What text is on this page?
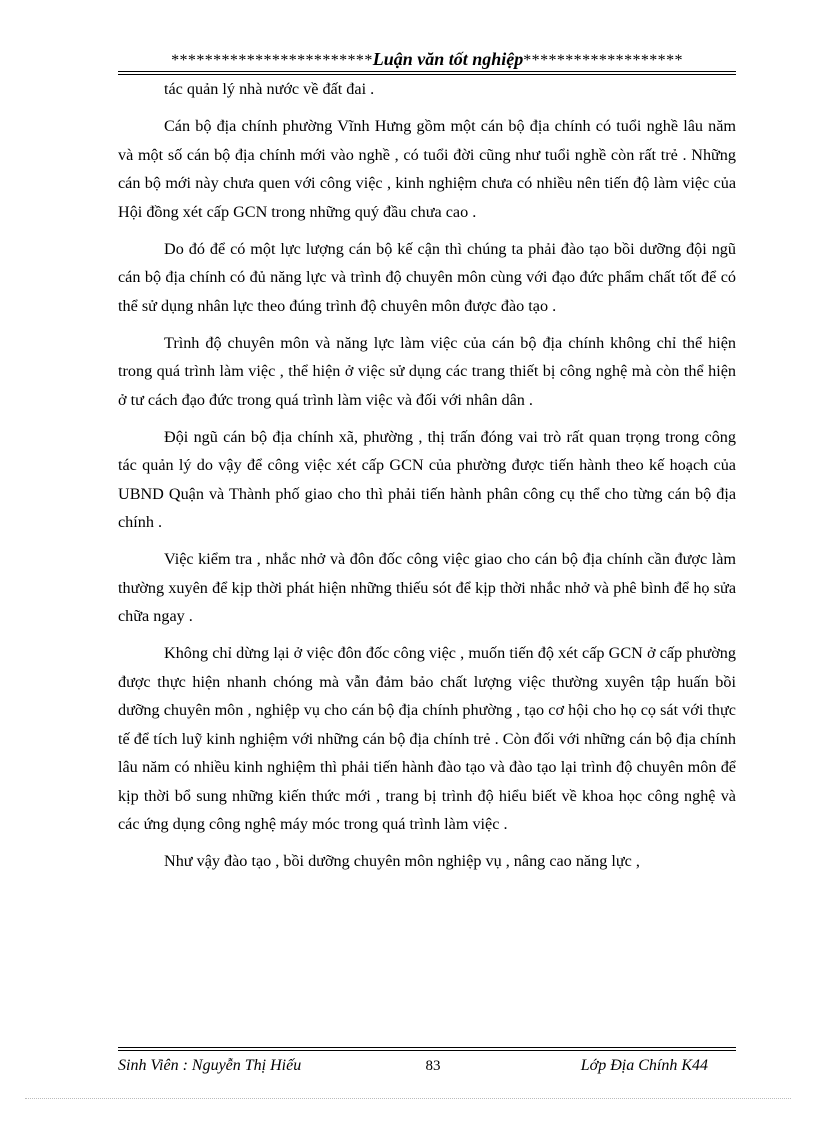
************************Luận văn tốt nghiệp*******************

tác quản lý nhà nước về đất đai .

Cán bộ địa chính phường Vĩnh Hưng gồm một cán bộ địa chính có tuổi nghề lâu năm và một số cán bộ địa chính mới vào nghề , có tuổi đời cũng như tuổi nghề còn rất trẻ . Những cán bộ mới này chưa quen với công việc , kinh nghiệm chưa có nhiều nên tiến độ làm việc của Hội đồng xét cấp GCN trong những quý đầu chưa cao .

Do đó để có một lực lượng cán bộ kế cận thì chúng ta phải đào tạo bồi dưỡng đội ngũ cán bộ địa chính có đủ năng lực và trình độ chuyên môn cùng với đạo đức phẩm chất tốt để có thể sử dụng nhân lực theo đúng trình độ chuyên môn được đào tạo .

Trình độ chuyên môn và năng lực làm việc của cán bộ địa chính không chỉ thể hiện trong quá trình làm việc , thể hiện ở việc sử dụng các trang thiết bị công nghệ mà còn thể hiện ở tư cách đạo đức trong quá trình làm việc và đối với nhân dân .

Đội ngũ cán bộ địa chính xã, phường , thị trấn đóng vai trò rất quan trọng trong công tác quản lý do vậy để công việc xét cấp GCN của phường được tiến hành theo kế hoạch của UBND Quận và Thành phố giao cho thì phải tiến hành phân công cụ thể cho từng cán bộ địa chính .

Việc kiểm tra , nhắc nhở và đôn đốc công việc giao cho cán bộ địa chính cần được làm thường xuyên để kịp thời phát hiện những thiếu sót để kịp thời nhắc nhở và phê bình để họ sửa chữa ngay .

Không chỉ dừng lại ở việc đôn đốc công việc , muốn tiến độ xét cấp GCN ở cấp phường được thực hiện nhanh chóng mà vẫn đảm bảo chất lượng việc thường xuyên tập huấn bồi dưỡng chuyên môn , nghiệp vụ cho cán bộ địa chính phường , tạo cơ hội cho họ cọ sát với thực tế để tích luỹ kinh nghiệm với những cán bộ địa chính trẻ . Còn đối với những cán bộ địa chính lâu năm có nhiều kinh nghiệm thì phải tiến hành đào tạo và đào tạo lại trình độ chuyên môn để kịp thời bổ sung những kiến thức mới , trang bị trình độ hiểu biết về khoa học công nghệ và các ứng dụng công nghệ máy móc trong quá trình làm việc .

Như vậy đào tạo , bồi dưỡng chuyên môn nghiệp vụ , nâng cao năng lực ,

Sinh Viên : Nguyễn Thị Hiếu	83	Lớp Địa Chính K44
